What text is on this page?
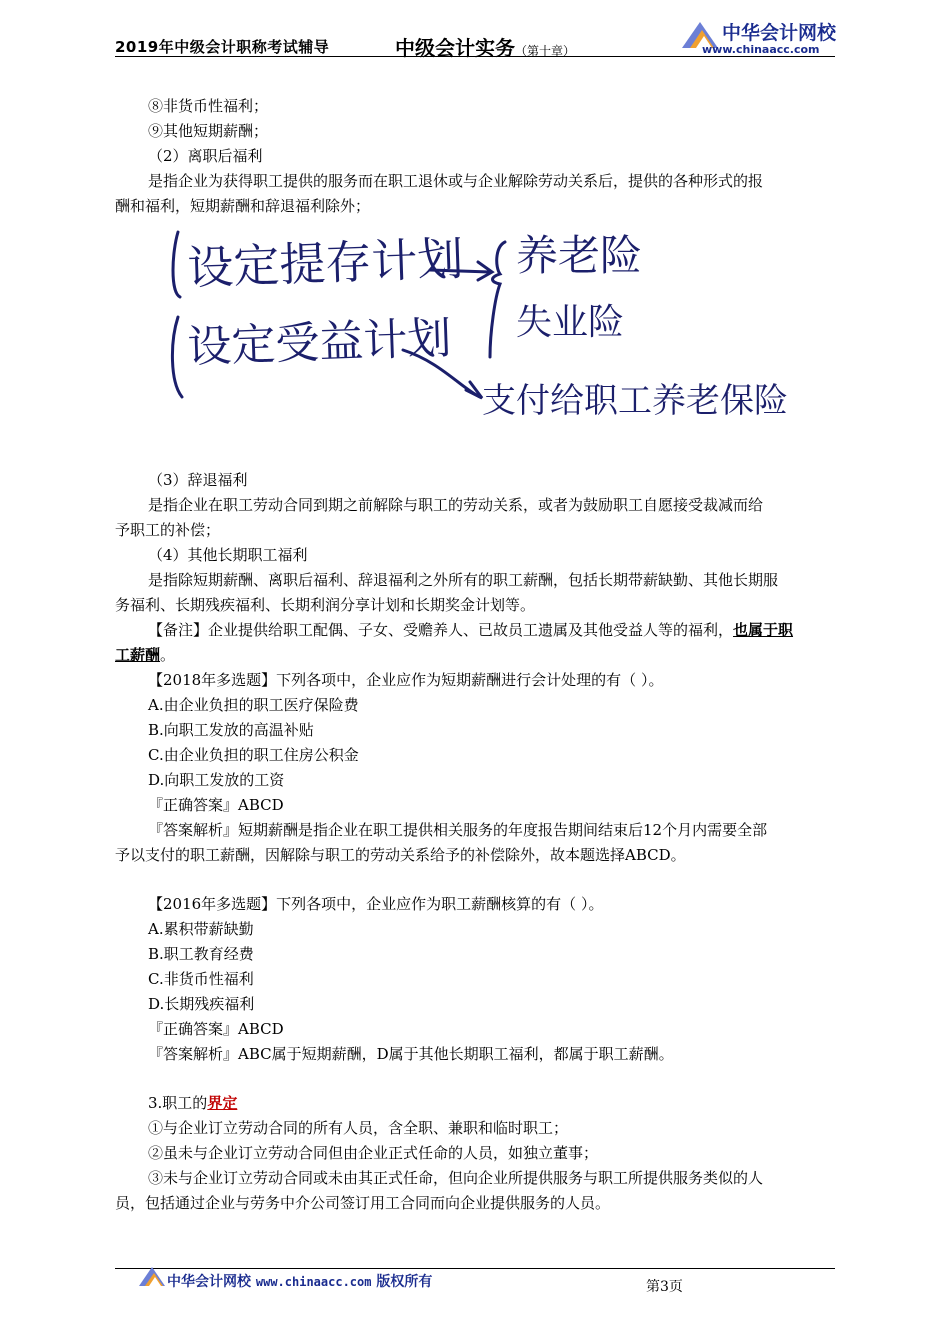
2019年中级会计职称考试辅导	中级会计实务（第十章）
中华会计网校
www.chinaacc.com
⑧非货币性福利；
⑨其他短期薪酬；
（2）离职后福利
是指企业为获得职工提供的服务而在职工退休或与企业解除劳动关系后，提供的各种形式的报
酬和福利，短期薪酬和辞退福利除外；
设定提存计划
设定受益计划
养老险
失业险
支付给职工养老保险
（3）辞退福利
是指企业在职工劳动合同到期之前解除与职工的劳动关系，或者为鼓励职工自愿接受裁减而给
予职工的补偿；
（4）其他长期职工福利
是指除短期薪酬、离职后福利、辞退福利之外所有的职工薪酬，包括长期带薪缺勤、其他长期服
务福利、长期残疾福利、长期利润分享计划和长期奖金计划等。
【备注】企业提供给职工配偶、子女、受赡养人、已故员工遗属及其他受益人等的福利，也属于职
工薪酬。
【2018年多选题】下列各项中，企业应作为短期薪酬进行会计处理的有（ ）。
A.由企业负担的职工医疗保险费
B.向职工发放的高温补贴
C.由企业负担的职工住房公积金
D.向职工发放的工资
『正确答案』ABCD
『答案解析』短期薪酬是指企业在职工提供相关服务的年度报告期间结束后12个月内需要全部
予以支付的职工薪酬，因解除与职工的劳动关系给予的补偿除外，故本题选择ABCD。
【2016年多选题】下列各项中，企业应作为职工薪酬核算的有（ ）。
A.累积带薪缺勤
B.职工教育经费
C.非货币性福利
D.长期残疾福利
『正确答案』ABCD
『答案解析』ABC属于短期薪酬，D属于其他长期职工福利，都属于职工薪酬。
3.职工的界定
①与企业订立劳动合同的所有人员，含全职、兼职和临时职工；
②虽未与企业订立劳动合同但由企业正式任命的人员，如独立董事；
③未与企业订立劳动合同或未由其正式任命，但向企业所提供服务与职工所提供服务类似的人
员，包括通过企业与劳务中介公司签订用工合同而向企业提供服务的人员。
中华会计网校 www.chinaacc.com 版权所有	第3页
